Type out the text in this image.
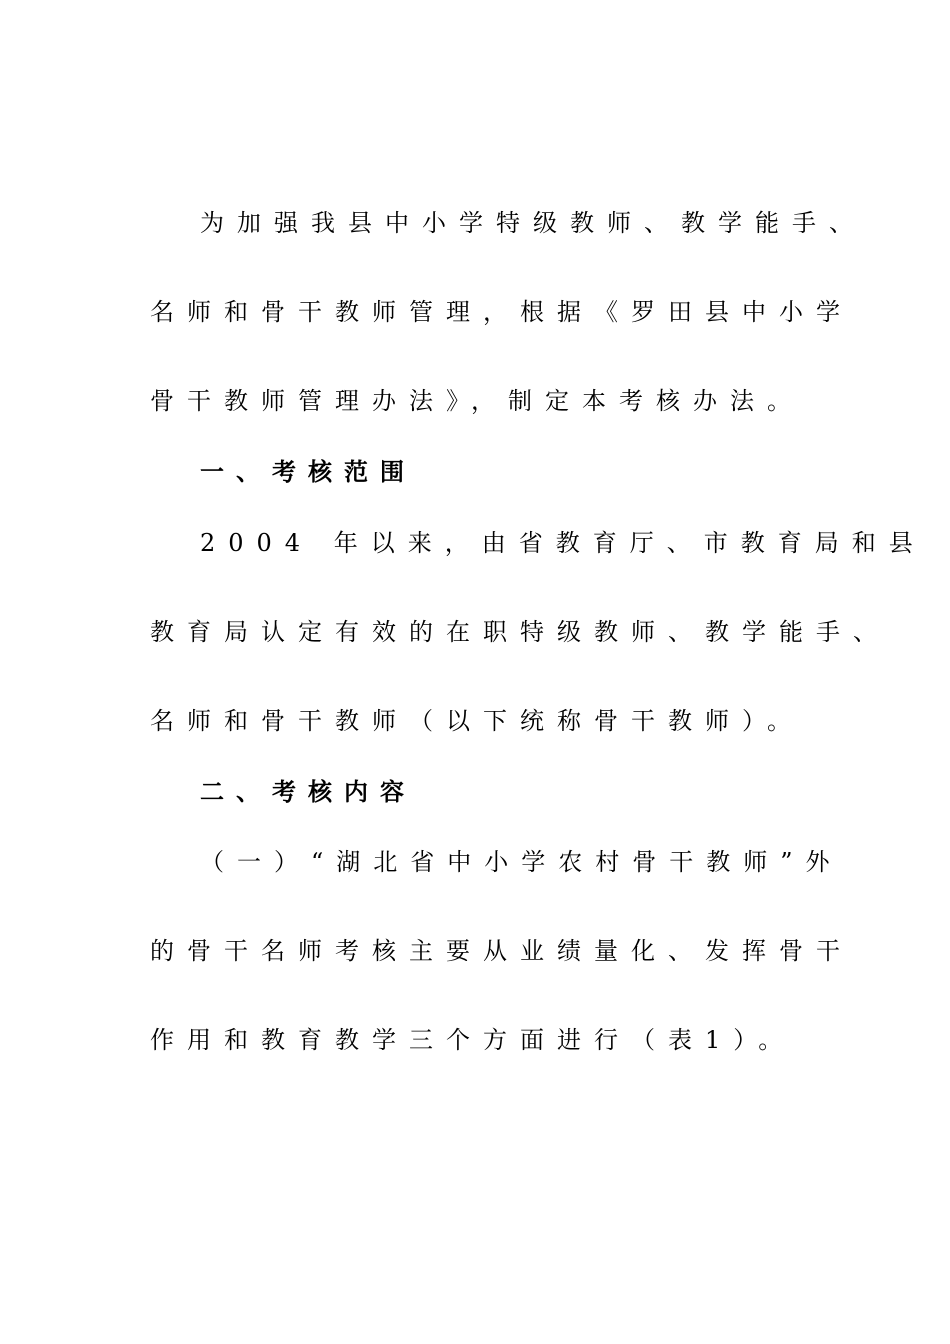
为加强我县中小学特级教师、教学能手、
名师和骨干教师管理，根据《罗田县中小学
骨干教师管理办法》，制定本考核办法。
一、考核范围
2004 年以来，由省教育厅、市教育局和县
教育局认定有效的在职特级教师、教学能手、
名师和骨干教师（以下统称骨干教师）。
二、考核内容
（一）“湖北省中小学农村骨干教师”外
的骨干名师考核主要从业绩量化、发挥骨干
作用和教育教学三个方面进行（表1）。
